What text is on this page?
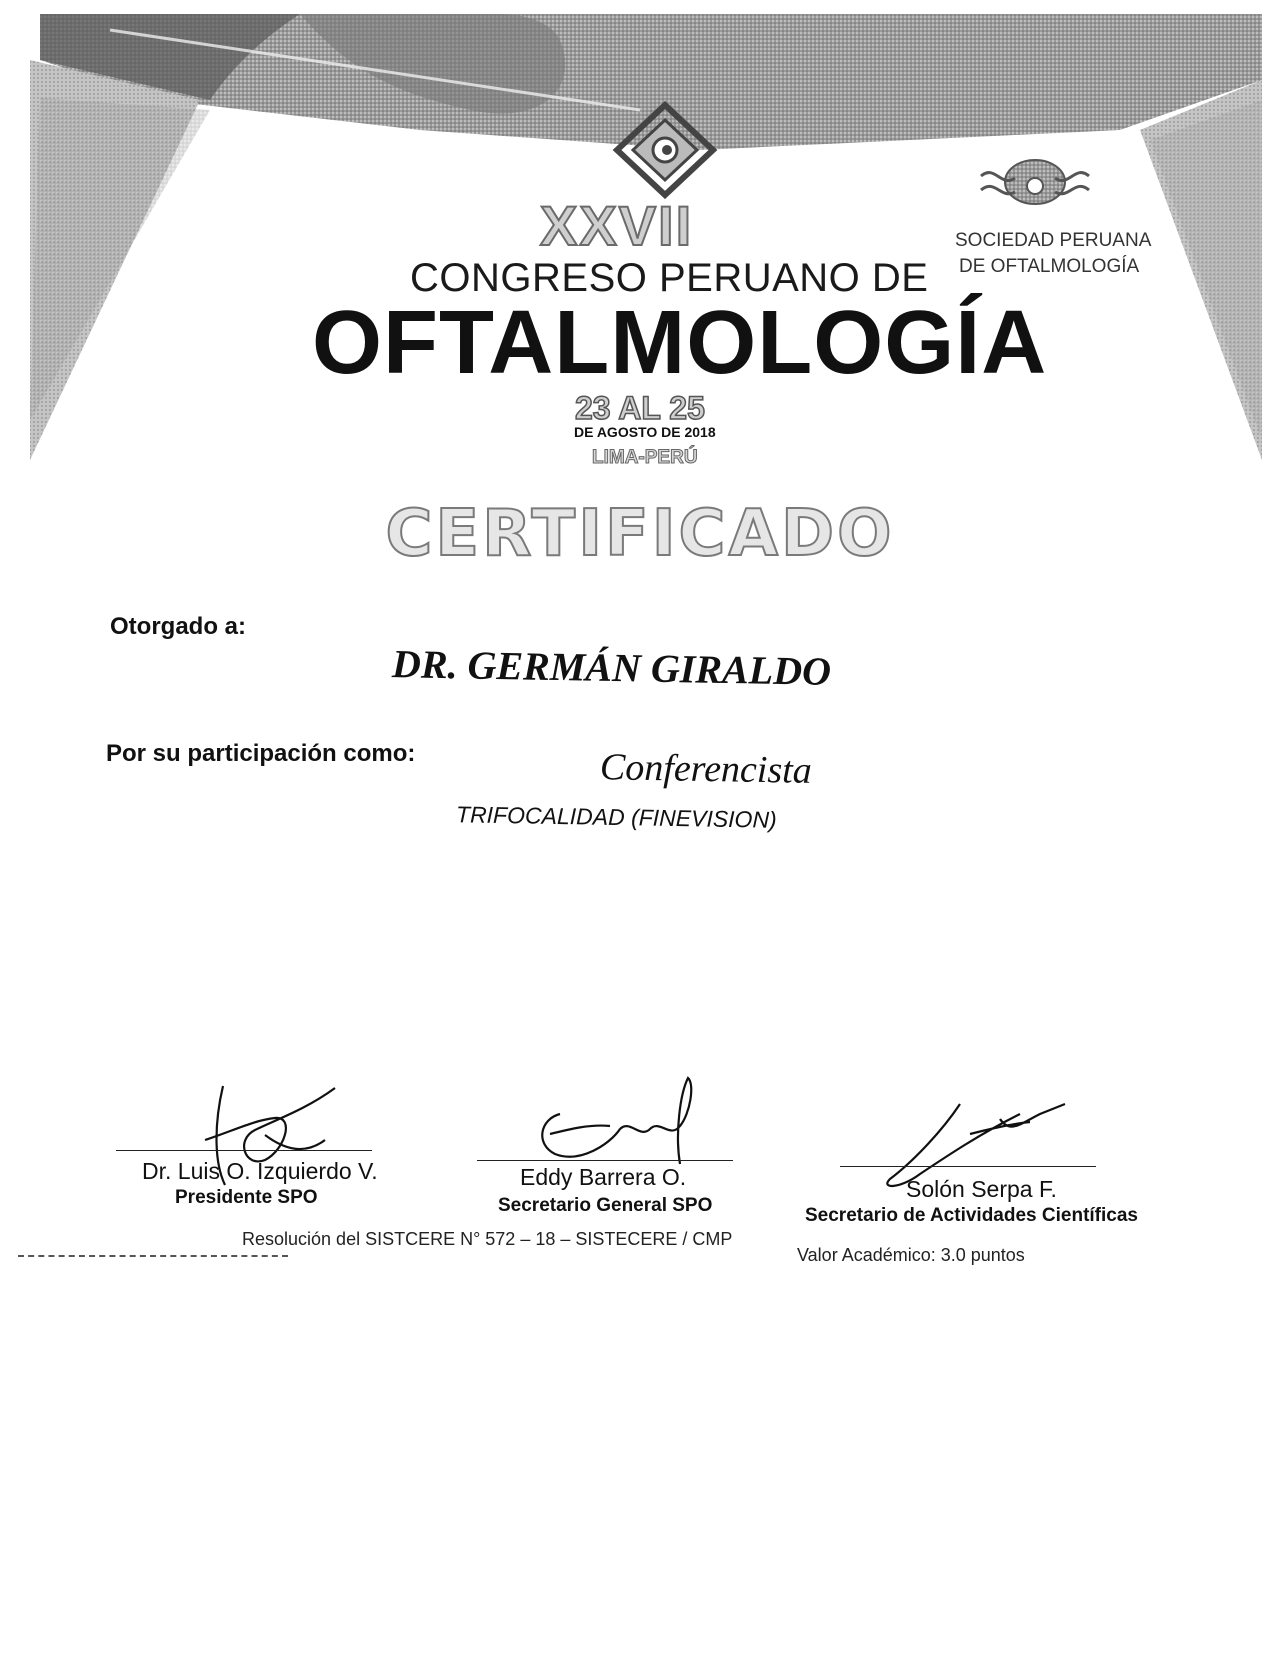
XXVII
CONGRESO PERUANO DE
OFTALMOLOGÍA
23 AL 25
DE AGOSTO DE 2018
LIMA-PERÚ
SOCIEDAD PERUANA
DE OFTALMOLOGÍA
CERTIFICADO
Otorgado a:
DR. GERMÁN GIRALDO
Por su participación como:	Conferencista
TRIFOCALIDAD (FINEVISION)
Dr. Luis O. Izquierdo V.
Presidente SPO
Eddy Barrera O.
Secretario General SPO
Solón Serpa F.
Secretario de Actividades Científicas
Resolución del SISTCERE N° 572 – 18 – SISTECERE / CMP
Valor Académico: 3.0 puntos
